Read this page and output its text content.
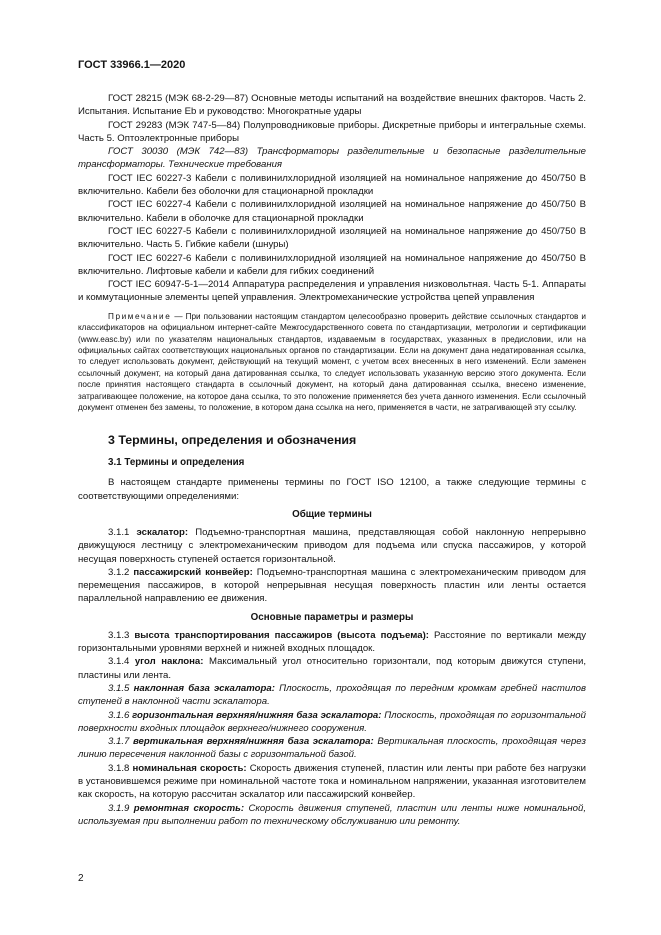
ГОСТ 33966.1—2020

ГОСТ 28215 (МЭК 68-2-29—87) Основные методы испытаний на воздействие внешних факторов. Часть 2. Испытания. Испытание Eb и руководство: Многократные удары

ГОСТ 29283 (МЭК 747-5—84) Полупроводниковые приборы. Дискретные приборы и интегральные схемы. Часть 5. Оптоэлектронные приборы

ГОСТ 30030 (МЭК 742—83) Трансформаторы разделительные и безопасные разделительные трансформаторы. Технические требования

ГОСТ IEC 60227-3 Кабели с поливинилхлоридной изоляцией на номинальное напряжение до 450/750 В включительно. Кабели без оболочки для стационарной прокладки

ГОСТ IEC 60227-4 Кабели с поливинилхлоридной изоляцией на номинальное напряжение до 450/750 В включительно. Кабели в оболочке для стационарной прокладки

ГОСТ IEC 60227-5 Кабели с поливинилхлоридной изоляцией на номинальное напряжение до 450/750 В включительно. Часть 5. Гибкие кабели (шнуры)

ГОСТ IEC 60227-6 Кабели с поливинилхлоридной изоляцией на номинальное напряжение до 450/750 В включительно. Лифтовые кабели и кабели для гибких соединений

ГОСТ IEC 60947-5-1—2014 Аппаратура распределения и управления низковольтная. Часть 5-1. Аппараты и коммутационные элементы цепей управления. Электромеханические устройства цепей управления

Примечание — При пользовании настоящим стандартом целесообразно проверить действие ссылочных стандартов и классификаторов на официальном интернет-сайте Межгосударственного совета по стандартизации, метрологии и сертификации (www.easc.by) или по указателям национальных стандартов, издаваемым в государствах, указанных в предисловии, или на официальных сайтах соответствующих национальных органов по стандартизации. Если на документ дана недатированная ссылка, то следует использовать документ, действующий на текущий момент, с учетом всех внесенных в него изменений. Если заменен ссылочный документ, на который дана датированная ссылка, то следует использовать указанную версию этого документа. Если после принятия настоящего стандарта в ссылочный документ, на который дана датированная ссылка, внесено изменение, затрагивающее положение, на которое дана ссылка, то это положение применяется без учета данного изменения. Если ссылочный документ отменен без замены, то положение, в котором дана ссылка на него, применяется в части, не затрагивающей эту ссылку.

3 Термины, определения и обозначения
3.1 Термины и определения

В настоящем стандарте применены термины по ГОСТ ISO 12100, а также следующие термины с соответствующими определениями:

Общие термины

3.1.1 эскалатор: Подъемно-транспортная машина, представляющая собой наклонную непрерывно движущуюся лестницу с электромеханическим приводом для подъема или спуска пассажиров, у которой несущая поверхность ступеней остается горизонтальной.

3.1.2 пассажирский конвейер: Подъемно-транспортная машина с электромеханическим приводом для перемещения пассажиров, в которой непрерывная несущая поверхность пластин или ленты остается параллельной направлению ее движения.

Основные параметры и размеры

3.1.3 высота транспортирования пассажиров (высота подъема): Расстояние по вертикали между горизонтальными уровнями верхней и нижней входных площадок.

3.1.4 угол наклона: Максимальный угол относительно горизонтали, под которым движутся ступени, пластины или лента.

3.1.5 наклонная база эскалатора: Плоскость, проходящая по передним кромкам гребней настилов ступеней в наклонной части эскалатора.

3.1.6 горизонтальная верхняя/нижняя база эскалатора: Плоскость, проходящая по горизонтальной поверхности входных площадок верхнего/нижнего сооружения.

3.1.7 вертикальная верхняя/нижняя база эскалатора: Вертикальная плоскость, проходящая через линию пересечения наклонной базы с горизонтальной базой.

3.1.8 номинальная скорость: Скорость движения ступеней, пластин или ленты при работе без нагрузки в установившемся режиме при номинальной частоте тока и номинальном напряжении, указанная изготовителем как скорость, на которую рассчитан эскалатор или пассажирский конвейер.

3.1.9 ремонтная скорость: Скорость движения ступеней, пластин или ленты ниже номинальной, используемая при выполнении работ по техническому обслуживанию или ремонту.

2
